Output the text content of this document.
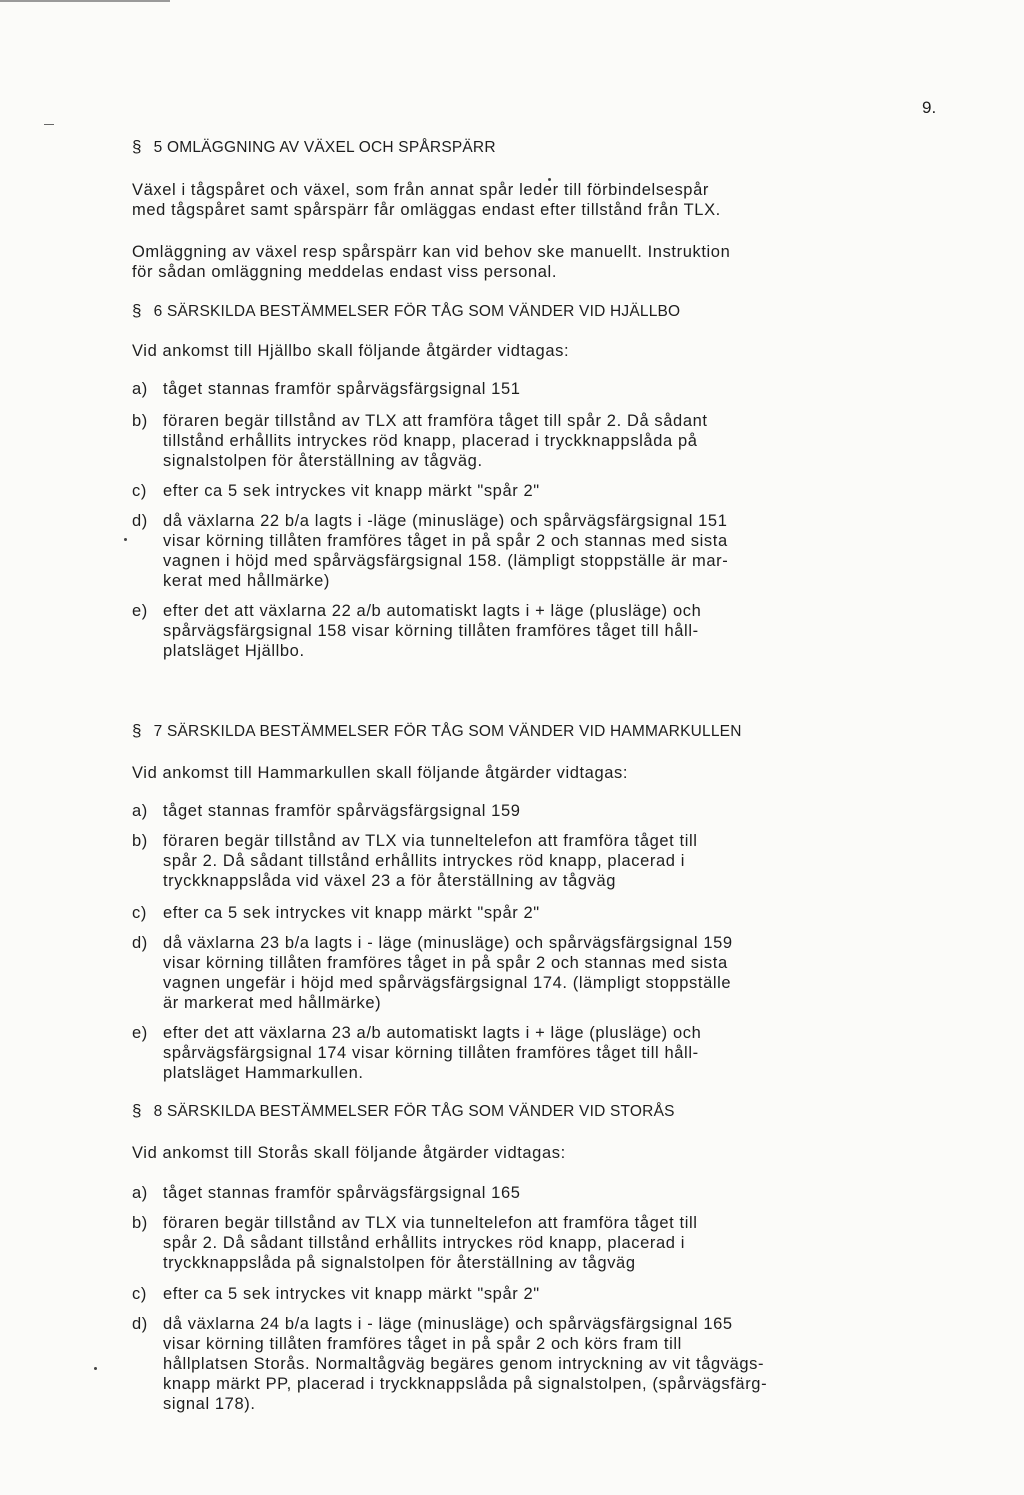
9.
§ 5 OMLÄGGNING AV VÄXEL OCH SPÅRSPÄRR
Växel i tågspåret och växel, som från annat spår leder till förbindelsespår
med tågspåret samt spårspärr får omläggas endast efter tillstånd från TLX.
Omläggning av växel resp spårspärr kan vid behov ske manuellt. Instruktion
för sådan omläggning meddelas endast viss personal.
§ 6 SÄRSKILDA BESTÄMMELSER FÖR TÅG SOM VÄNDER VID HJÄLLBO
Vid ankomst till Hjällbo skall följande åtgärder vidtagas:
a) tåget stannas framför spårvägsfärgsignal 151
b) föraren begär tillstånd av TLX att framföra tåget till spår 2. Då sådant
tillstånd erhållits intryckes röd knapp, placerad i tryckknappslåda på
signalstolpen för återställning av tågväg.
c) efter ca 5 sek intryckes vit knapp märkt "spår 2"
d) då växlarna 22 b/a lagts i -läge (minusläge) och spårvägsfärgsignal 151
visar körning tillåten framföres tåget in på spår 2 och stannas med sista
vagnen i höjd med spårvägsfärgsignal 158. (lämpligt stoppställe är mar-
kerat med hållmärke)
e) efter det att växlarna 22 a/b automatiskt lagts i + läge (plusläge) och
spårvägsfärgsignal 158 visar körning tillåten framföres tåget till håll-
platsläget Hjällbo.
§ 7 SÄRSKILDA BESTÄMMELSER FÖR TÅG SOM VÄNDER VID HAMMARKULLEN
Vid ankomst till Hammarkullen skall följande åtgärder vidtagas:
a) tåget stannas framför spårvägsfärgsignal 159
b) föraren begär tillstånd av TLX via tunneltelefon att framföra tåget till
spår 2. Då sådant tillstånd erhållits intryckes röd knapp, placerad i
tryckknappslåda vid växel 23 a för återställning av tågväg
c) efter ca 5 sek intryckes vit knapp märkt "spår 2"
d) då växlarna 23 b/a lagts i - läge (minusläge) och spårvägsfärgsignal 159
visar körning tillåten framföres tåget in på spår 2 och stannas med sista
vagnen ungefär i höjd med spårvägsfärgsignal 174. (lämpligt stoppställe
är markerat med hållmärke)
e) efter det att växlarna 23 a/b automatiskt lagts i + läge (plusläge) och
spårvägsfärgsignal 174 visar körning tillåten framföres tåget till håll-
platsläget Hammarkullen.
§ 8 SÄRSKILDA BESTÄMMELSER FÖR TÅG SOM VÄNDER VID STORÅS
Vid ankomst till Storås skall följande åtgärder vidtagas:
a) tåget stannas framför spårvägsfärgsignal 165
b) föraren begär tillstånd av TLX via tunneltelefon att framföra tåget till
spår 2. Då sådant tillstånd erhållits intryckes röd knapp, placerad i
tryckknappslåda på signalstolpen för återställning av tågväg
c) efter ca 5 sek intryckes vit knapp märkt "spår 2"
d) då växlarna 24 b/a lagts i - läge (minusläge) och spårvägsfärgsignal 165
visar körning tillåten framföres tåget in på spår 2 och körs fram till
hållplatsen Storås. Normaltågväg begäres genom intryckning av vit tågvägs-
knapp märkt PP, placerad i tryckknappslåda på signalstolpen, (spårvägsfärg-
signal 178).
